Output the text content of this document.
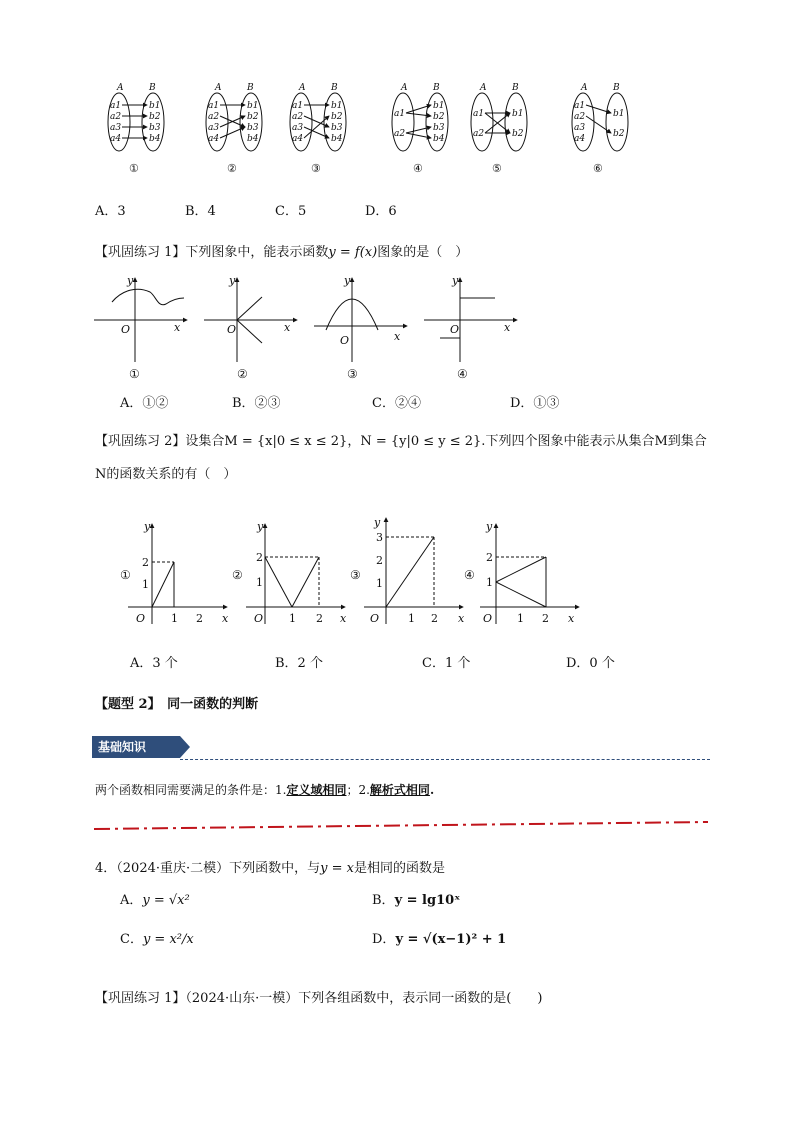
A	B
a1
a2
a3
a4
b1
b2
b3
b4
①
A	B
a1
a2
a3
a4
b1
b2
b3
b4
②
A	B
a1
a2
a3
a4
b1
b2
b3
b4
③
A	B
a1
a2
b1
b2
b3
b4
④
A	B
a1
a2
b1
b2
⑤
A	B
a1
a2
a3
a4
b1
b2
⑥
A．3	B．4	C．5	D．6
【巩固练习 1】下列图象中，能表示函数y = f(x)图象的是（　）
y
x
O
y
x
O
y
x
O
y
x
O
①	②	③	④
A．①②	B．②③	C．②④	D．①③
【巩固练习 2】设集合M = {x|0 ≤ x ≤ 2}，N = {y|0 ≤ y ≤ 2}.下列四个图象中能表示从集合M到集合
N的函数关系的有（　）
①
y
2
1
O 1 2 x
②
y
2
1
O 1 2 x
③
y
3
2
1
O	1 2 x
④
y
2
1
O 1 2 x
A．3 个	B．2 个	C．1 个	D．0 个
【题型 2】　同一函数的判断
基础知识
两个函数相同需要满足的条件是：1.定义域相同；2.解析式相同.
4．（2024·重庆·二模）下列函数中，与y = x是相同的函数是
A．y = √x²	B．y = lg10ˣ
C．y = x²/x	D．y = √(x−1)² + 1
【巩固练习 1】（2024·山东·一模）下列各组函数中，表示同一函数的是(　　)
